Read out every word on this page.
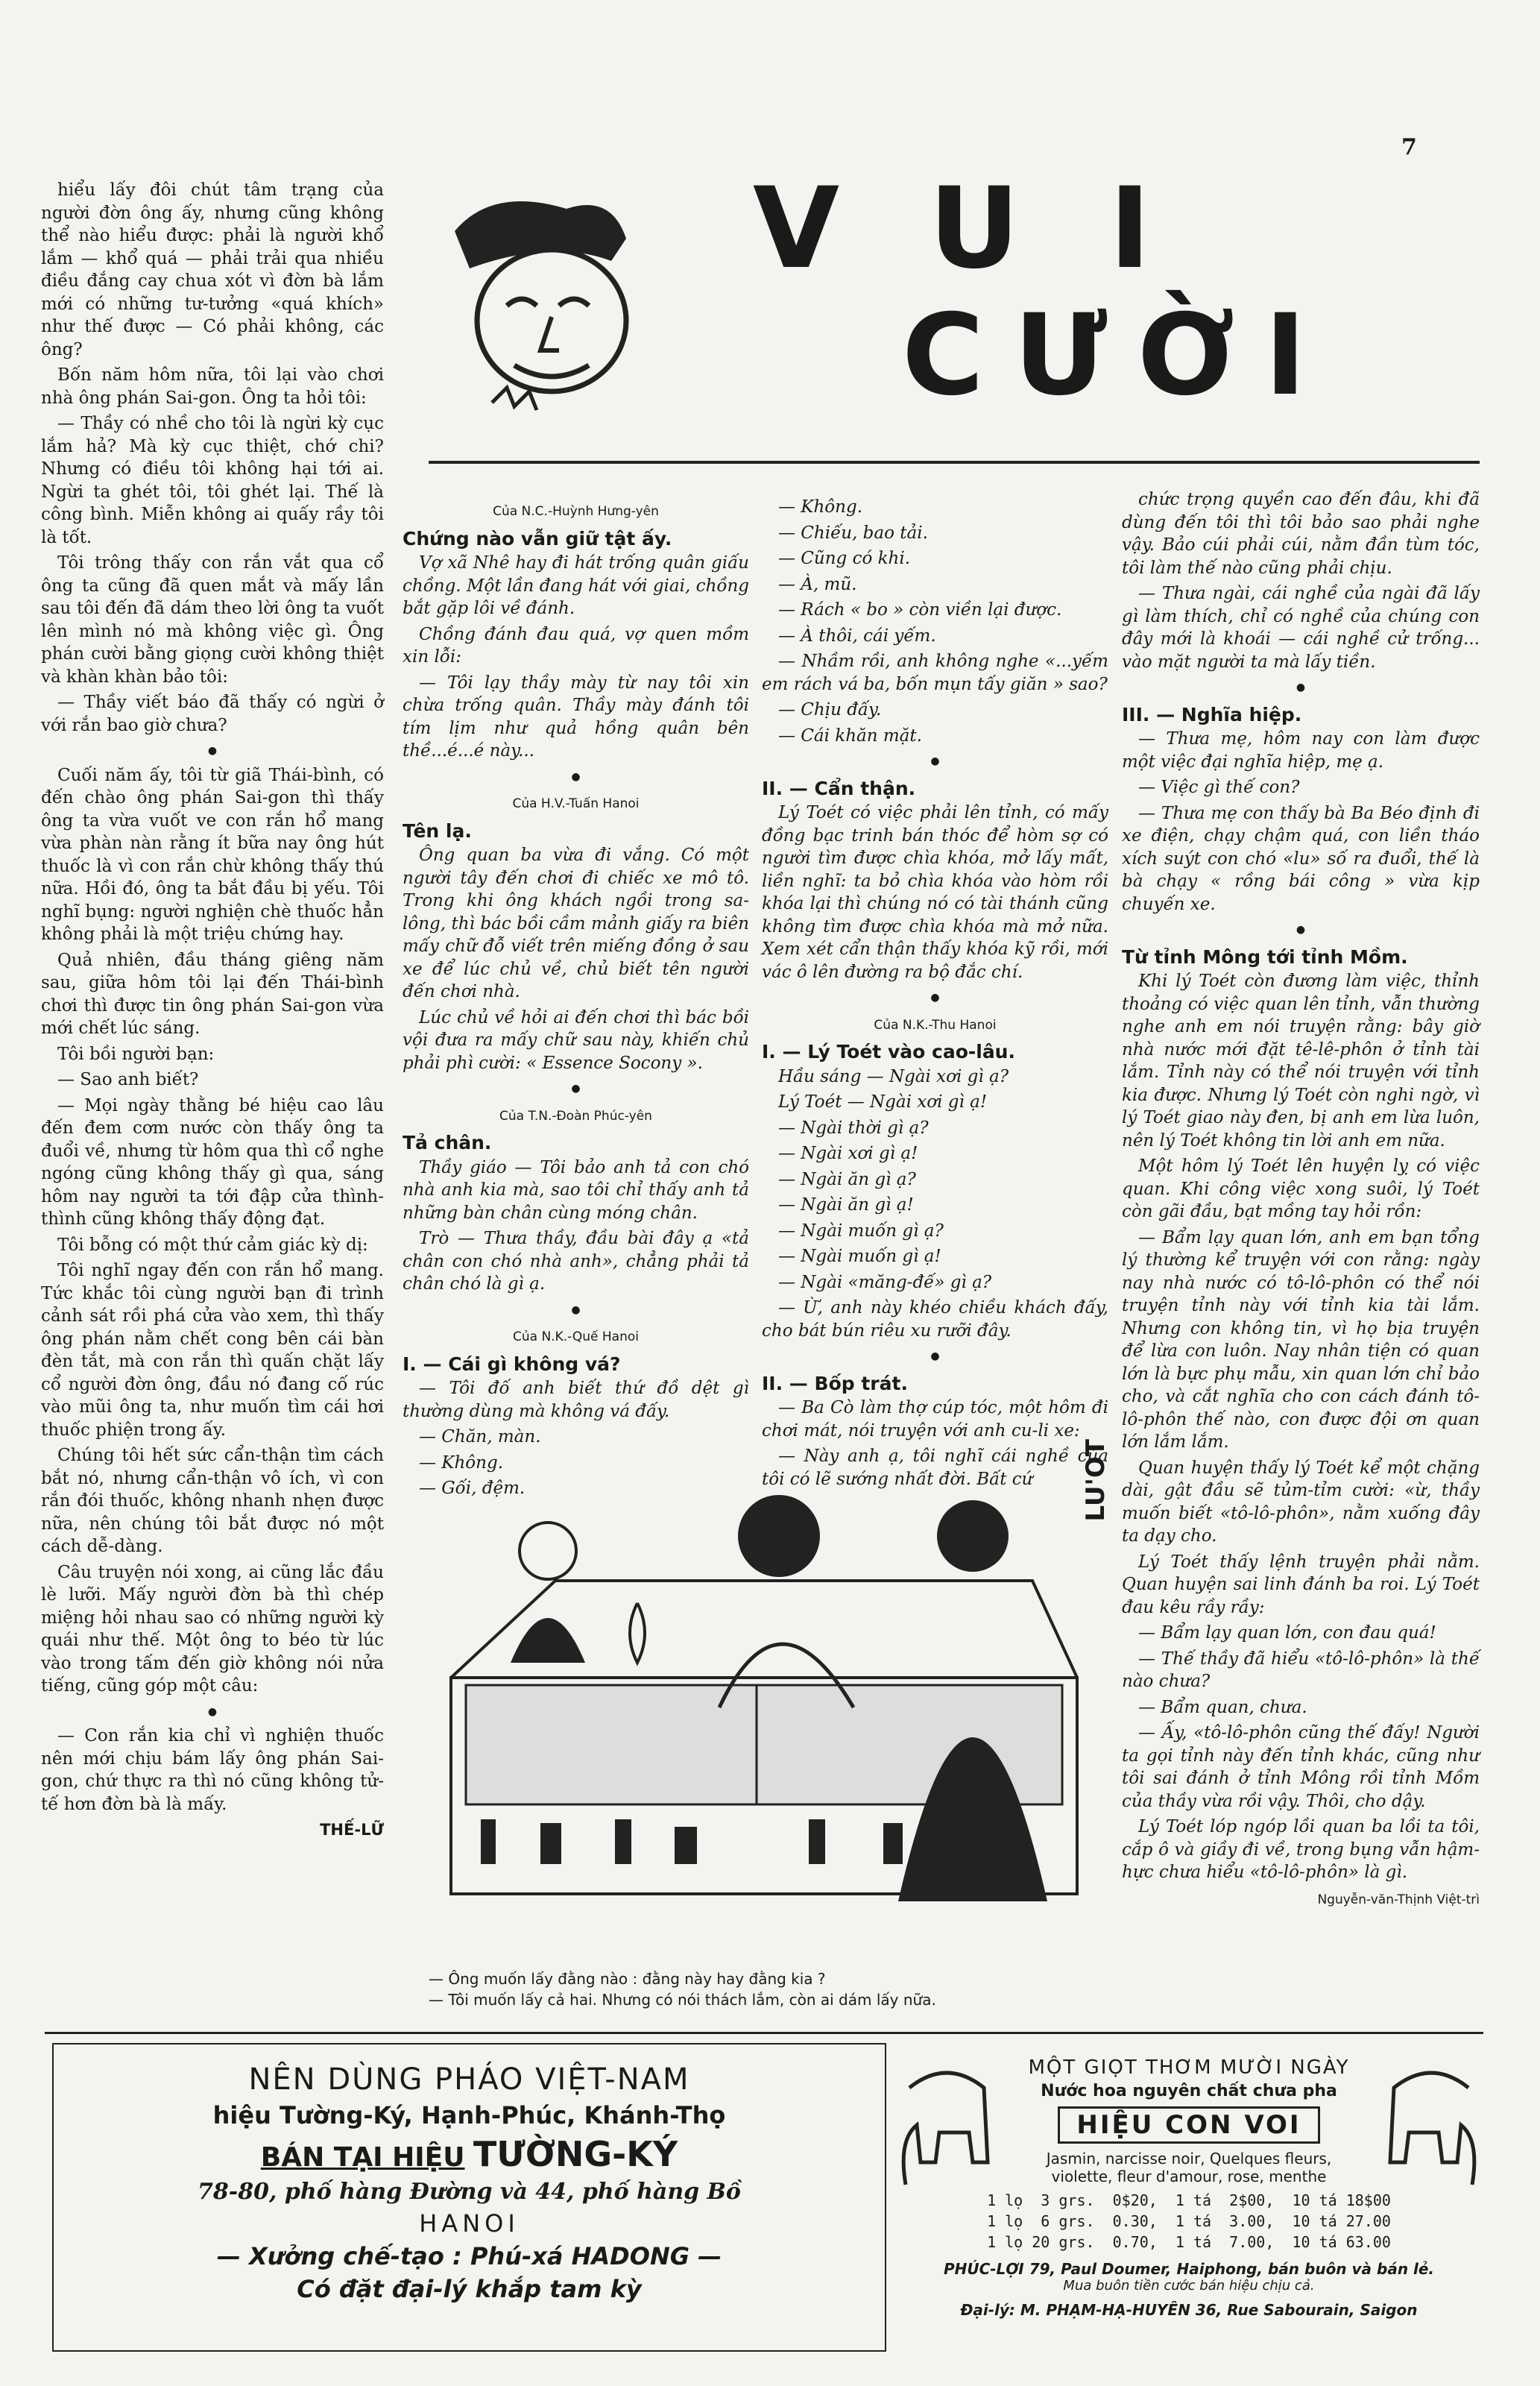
7
VUI
CƯỜI

hiểu lấy đôi chút tâm trạng của người đờn ông ấy, nhưng cũng không thể nào hiểu được: phải là người khổ lắm — khổ quá — phải trải qua nhiều điều đắng cay chua xót vì đờn bà lắm mới có những tư-tưởng «quá khích» như thế được — Có phải không, các ông?

Bốn năm hôm nữa, tôi lại vào chơi nhà ông phán Sai-gon. Ông ta hỏi tôi:

— Thầy có nhề cho tôi là ngừi kỳ cục lắm hả? Mà kỳ cục thiệt, chớ chi? Nhưng có điều tôi không hại tới ai. Ngừi ta ghét tôi, tôi ghét lại. Thế là công bình. Miễn không ai quấy rầy tôi là tốt.

Tôi trông thấy con rắn vắt qua cổ ông ta cũng đã quen mắt và mấy lần sau tôi đến đã dám theo lời ông ta vuốt lên mình nó mà không việc gì. Ông phán cười bằng giọng cười không thiệt và khàn khàn bảo tôi:

— Thầy viết báo đã thấy có ngừi ở với rắn bao giờ chưa?

●

Cuối năm ấy, tôi từ giã Thái-bình, có đến chào ông phán Sai-gon thì thấy ông ta vừa vuốt ve con rắn hổ mang vừa phàn nàn rằng ít bữa nay ông hút thuốc là vì con rắn chừ không thấy thú nữa. Hồi đó, ông ta bắt đầu bị yếu. Tôi nghĩ bụng: người nghiện chè thuốc hẳn không phải là một triệu chứng hay.

Quả nhiên, đầu tháng giêng năm sau, giữa hôm tôi lại đến Thái-bình chơi thì được tin ông phán Sai-gon vừa mới chết lúc sáng.

Tôi bồi người bạn:

— Sao anh biết?

— Mọi ngày thằng bé hiệu cao lâu đến đem cơm nước còn thấy ông ta đuổi về, nhưng từ hôm qua thì cổ nghe ngóng cũng không thấy gì qua, sáng hôm nay người ta tới đập cửa thình-thình cũng không thấy động đạt.

Tôi bỗng có một thứ cảm giác kỳ dị:

Tôi nghĩ ngay đến con rắn hổ mang. Tức khắc tôi cùng người bạn đi trình cảnh sát rồi phá cửa vào xem, thì thấy ông phán nằm chết cong bên cái bàn đèn tắt, mà con rắn thì quấn chặt lấy cổ người đờn ông, đầu nó đang cố rúc vào mũi ông ta, như muốn tìm cái hơi thuốc phiện trong ấy.

Chúng tôi hết sức cẩn-thận tìm cách bắt nó, nhưng cẩn-thận vô ích, vì con rắn đói thuốc, không nhanh nhẹn được nữa, nên chúng tôi bắt được nó một cách dễ-dàng.

Câu truyện nói xong, ai cũng lắc đầu lè lưỡi. Mấy người đờn bà thì chép miệng hỏi nhau sao có những người kỳ quái như thế. Một ông to béo từ lúc vào trong tấm đến giờ không nói nửa tiếng, cũng góp một câu:

●

— Con rắn kia chỉ vì nghiện thuốc nên mới chịu bám lấy ông phán Sai-gon, chứ thực ra thì nó cũng không tử-tế hơn đờn bà là mấy.

THẾ-LỮ
Của N.C.-Huỳnh Hưng-yên
Chứng nào vẫn giữ tật ấy.

Vợ xã Nhê hay đi hát trống quân giấu chồng. Một lần đang hát với giai, chồng bắt gặp lôi về đánh.

Chồng đánh đau quá, vợ quen mồm xin lỗi:

— Tôi lạy thầy mày từ nay tôi xin chừa trống quân. Thầy mày đánh tôi tím lịm như quả hồng quân bên thề...é...é này...

●
Của H.V.-Tuấn Hanoi
Tên lạ.

Ông quan ba vừa đi vắng. Có một người tây đến chơi đi chiếc xe mô tô. Trong khi ông khách ngồi trong sa-lông, thì bác bồi cầm mảnh giấy ra biên mấy chữ đỗ viết trên miếng đồng ở sau xe để lúc chủ về, chủ biết tên người đến chơi nhà.

Lúc chủ về hỏi ai đến chơi thì bác bồi vội đưa ra mấy chữ sau này, khiến chủ phải phì cười: « Essence Socony ».

●
Của T.N.-Đoàn Phúc-yên
Tả chân.

Thầy giáo — Tôi bảo anh tả con chó nhà anh kia mà, sao tôi chỉ thấy anh tả những bàn chân cùng móng chân.

Trò — Thưa thầy, đầu bài đây ạ «tả chân con chó nhà anh», chẳng phải tả chân chó là gì ạ.

●
Của N.K.-Quế Hanoi
I. — Cái gì không vá?

— Tôi đố anh biết thứ đồ dệt gì thường dùng mà không vá đấy.

— Chăn, màn.

— Không.

— Gối, đệm.

— Không.

— Chiếu, bao tải.

— Cũng có khi.

— À, mũ.

— Rách « bo » còn viền lại được.

— À thôi, cái yếm.

— Nhầm rồi, anh không nghe «...yếm em rách vá ba, bốn mụn tấy giăn » sao?

— Chịu đấy.

— Cái khăn mặt.

●
II. — Cẩn thận.

Lý Toét có việc phải lên tỉnh, có mấy đồng bạc trinh bán thóc để hòm sợ có người tìm được chìa khóa, mở lấy mất, liền nghĩ: ta bỏ chìa khóa vào hòm rồi khóa lại thì chúng nó có tài thánh cũng không tìm được chìa khóa mà mở nữa. Xem xét cẩn thận thấy khóa kỹ rồi, mới vác ô lên đường ra bộ đắc chí.

●
Của N.K.-Thu Hanoi
I. — Lý Toét vào cao-lâu.

Hầu sáng — Ngài xơi gì ạ?

Lý Toét — Ngài xơi gì ạ!

— Ngài thời gì ạ?

— Ngài xơi gì ạ!

— Ngài ăn gì ạ?

— Ngài ăn gì ạ!

— Ngài muốn gì ạ?

— Ngài muốn gì ạ!

— Ngài «măng-đế» gì ạ?

— Ừ, anh này khéo chiều khách đấy, cho bát bún riêu xu rưỡi đây.

●
II. — Bốp trát.

— Ba Cò làm thợ cúp tóc, một hôm đi chơi mát, nói truyện với anh cu-li xe:

— Này anh ạ, tôi nghĩ cái nghề của tôi có lẽ sướng nhất đời. Bất cứ

chức trọng quyền cao đến đâu, khi đã dùng đến tôi thì tôi bảo sao phải nghe vậy. Bảo cúi phải cúi, nằm đần tùm tóc, tôi làm thế nào cũng phải chịu.

— Thưa ngài, cái nghề của ngài đã lấy gì làm thích, chỉ có nghề của chúng con đây mới là khoái — cái nghề cử trống... vào mặt người ta mà lấy tiền.

●
III. — Nghĩa hiệp.

— Thưa mẹ, hôm nay con làm được một việc đại nghĩa hiệp, mẹ ạ.

— Việc gì thế con?

— Thưa mẹ con thấy bà Ba Béo định đi xe điện, chạy chậm quá, con liền tháo xích suýt con chó «lu» số ra đuổi, thế là bà chạy « rồng bái công » vừa kịp chuyến xe.

●
Từ tỉnh Mông tới tỉnh Mồm.

Khi lý Toét còn đương làm việc, thỉnh thoảng có việc quan lên tỉnh, vẫn thường nghe anh em nói truyện rằng: bây giờ nhà nước mới đặt tê-lê-phôn ở tỉnh tài lắm. Tỉnh này có thể nói truyện với tỉnh kia được. Nhưng lý Toét còn nghi ngờ, vì lý Toét giao này đen, bị anh em lừa luôn, nên lý Toét không tin lời anh em nữa.

Một hôm lý Toét lên huyện lỵ có việc quan. Khi công việc xong suôi, lý Toét còn gãi đầu, bạt mồng tay hỏi rồn:

— Bẩm lạy quan lớn, anh em bạn tổng lý thường kể truyện với con rằng: ngày nay nhà nước có tô-lô-phôn có thể nói truyện tỉnh này với tỉnh kia tài lắm. Nhưng con không tin, vì họ bịa truyện để lừa con luôn. Nay nhân tiện có quan lớn là bực phụ mẫu, xin quan lớn chỉ bảo cho, và cắt nghĩa cho con cách đánh tô-lô-phôn thế nào, con được đội ơn quan lớn lắm lắm.

Quan huyện thấy lý Toét kể một chặng dài, gật đầu sẽ tủm-tỉm cười: «ừ, thầy muốn biết «tô-lô-phôn», nằm xuống đây ta dạy cho.

Lý Toét thấy lệnh truyện phải nằm. Quan huyện sai linh đánh ba roi. Lý Toét đau kêu rầy rầy:

— Bẩm lạy quan lớn, con đau quá!

— Thế thầy đã hiểu «tô-lô-phôn» là thế nào chưa?

— Bẩm quan, chưa.

— Ấy, «tô-lô-phôn cũng thế đấy! Người ta gọi tỉnh này đến tỉnh khác, cũng như tôi sai đánh ở tỉnh Mông rồi tỉnh Mồm của thầy vừa rồi vậy. Thôi, cho dậy.

Lý Toét lóp ngóp lồi quan ba lồi ta tôi, cắp ô và giầy đi về, trong bụng vẫn hậm-hực chưa hiểu «tô-lô-phôn» là gì.

Nguyễn-văn-Thịnh Việt-trì
LU'OT
— Ông muốn lấy đằng nào : đằng này hay đằng kia ?
— Tôi muốn lấy cả hai. Nhưng có nói thách lắm, còn ai dám lấy nữa.
NÊN DÙNG PHÁO VIỆT-NAM
hiệu Tường-Ký, Hạnh-Phúc, Khánh-Thọ
BÁN TẠI HIỆU TƯỜNG-KÝ
78-80, phố hàng Đường và 44, phố hàng Bồ
HANOI
— Xưởng chế-tạo : Phú-xá HADONG —
Có đặt đại-lý khắp tam kỳ
MỘT GIỌT THƠM MƯỜI NGÀY
Nước hoa nguyên chất chưa pha
HIỆU CON VOI
Jasmin, narcisse noir, Quelques fleurs,
violette, fleur d'amour, rose, menthe
1 lọ  3 grs.  0$20,  1 tá  2$00,  10 tá 18$00
1 lọ  6 grs.  0.30,  1 tá  3.00,  10 tá 27.00
1 lọ 20 grs.  0.70,  1 tá  7.00,  10 tá 63.00
PHÚC-LỢI 79, Paul Doumer, Haiphong, bán buôn và bán lẻ.
Mua buôn tiền cước bán hiệu chịu cả.
Đại-lý: M. PHẠM-HẠ-HUYÊN 36, Rue Sabourain, Saigon
